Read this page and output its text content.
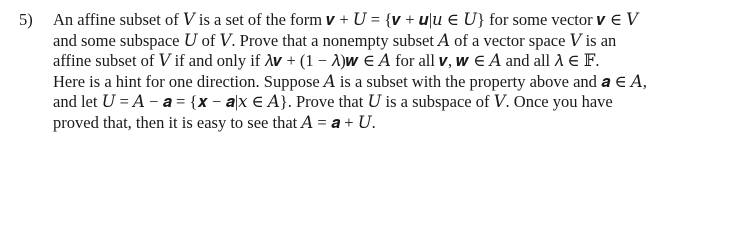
5) An affine subset of 𝑉 is a set of the form 𝒗 + 𝑈 = {𝒗 + 𝒖|𝑢 ∈ 𝑈} for some vector 𝒗 ∈ 𝑉
and some subspace 𝑈 of 𝑉. Prove that a nonempty subset 𝐴 of a vector space 𝑉 is an
affine subset of 𝑉 if and only if 𝜆𝒗 + (1 − 𝜆)𝒘 ∈ 𝐴 for all 𝒗, 𝒘 ∈ 𝐴 and all 𝜆 ∈ 𝔽.
Here is a hint for one direction. Suppose 𝐴 is a subset with the property above and 𝒂 ∈ 𝐴,
and let 𝑈 = 𝐴 − 𝒂 = {𝒙 − 𝒂|𝑥 ∈ 𝐴}. Prove that 𝑈 is a subspace of 𝑉. Once you have
proved that, then it is easy to see that 𝐴 = 𝒂 + 𝑈.
